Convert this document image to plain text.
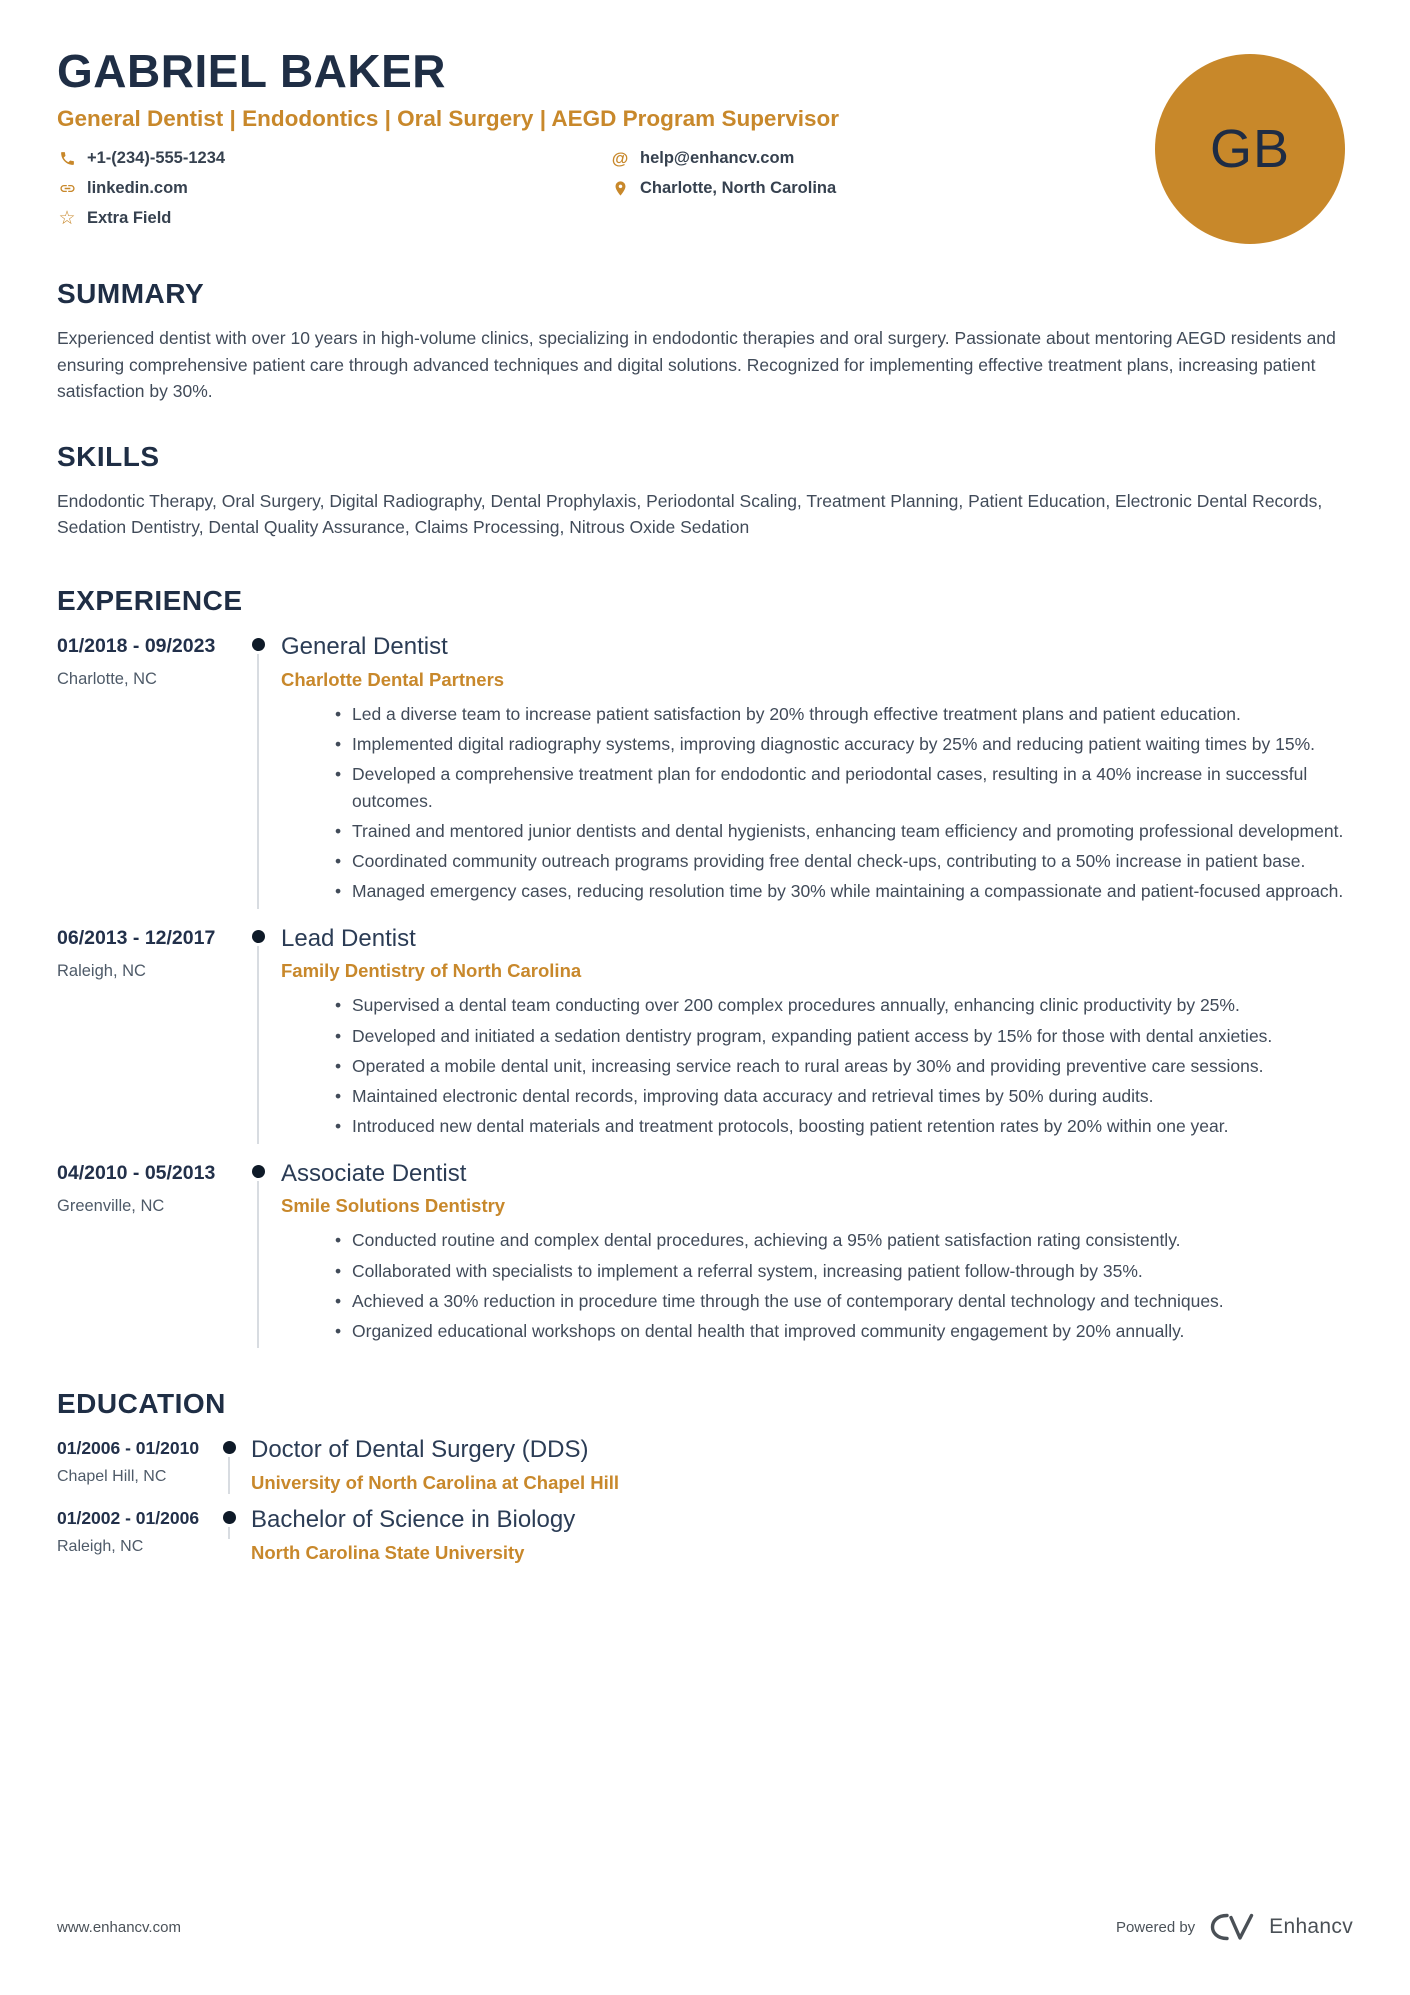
GABRIEL BAKER
General Dentist | Endodontics | Oral Surgery | AEGD Program Supervisor
+1-(234)-555-1234
linkedin.com
☆ Extra Field
@ help@enhancv.com
Charlotte, North Carolina
GB
SUMMARY

Experienced dentist with over 10 years in high-volume clinics, specializing in endodontic therapies and oral surgery. Passionate about mentoring AEGD residents and ensuring comprehensive patient care through advanced techniques and digital solutions. Recognized for implementing effective treatment plans, increasing patient satisfaction by 30%.

SKILLS

Endodontic Therapy, Oral Surgery, Digital Radiography, Dental Prophylaxis, Periodontal Scaling, Treatment Planning, Patient Education, Electronic Dental Records, Sedation Dentistry, Dental Quality Assurance, Claims Processing, Nitrous Oxide Sedation

EXPERIENCE
01/2018 - 09/2023
Charlotte, NC
General Dentist
Charlotte Dental Partners
• Led a diverse team to increase patient satisfaction by 20% through effective treatment plans and patient education.
• Implemented digital radiography systems, improving diagnostic accuracy by 25% and reducing patient waiting times by 15%.
• Developed a comprehensive treatment plan for endodontic and periodontal cases, resulting in a 40% increase in successful outcomes.
• Trained and mentored junior dentists and dental hygienists, enhancing team efficiency and promoting professional development.
• Coordinated community outreach programs providing free dental check-ups, contributing to a 50% increase in patient base.
• Managed emergency cases, reducing resolution time by 30% while maintaining a compassionate and patient-focused approach.
06/2013 - 12/2017
Raleigh, NC
Lead Dentist
Family Dentistry of North Carolina
• Supervised a dental team conducting over 200 complex procedures annually, enhancing clinic productivity by 25%.
• Developed and initiated a sedation dentistry program, expanding patient access by 15% for those with dental anxieties.
• Operated a mobile dental unit, increasing service reach to rural areas by 30% and providing preventive care sessions.
• Maintained electronic dental records, improving data accuracy and retrieval times by 50% during audits.
• Introduced new dental materials and treatment protocols, boosting patient retention rates by 20% within one year.
04/2010 - 05/2013
Greenville, NC
Associate Dentist
Smile Solutions Dentistry
• Conducted routine and complex dental procedures, achieving a 95% patient satisfaction rating consistently.
• Collaborated with specialists to implement a referral system, increasing patient follow-through by 35%.
• Achieved a 30% reduction in procedure time through the use of contemporary dental technology and techniques.
• Organized educational workshops on dental health that improved community engagement by 20% annually.
EDUCATION
01/2006 - 01/2010
Chapel Hill, NC
Doctor of Dental Surgery (DDS)
University of North Carolina at Chapel Hill
01/2002 - 01/2006
Raleigh, NC
Bachelor of Science in Biology
North Carolina State University
www.enhancv.com	Powered by	Enhancv
